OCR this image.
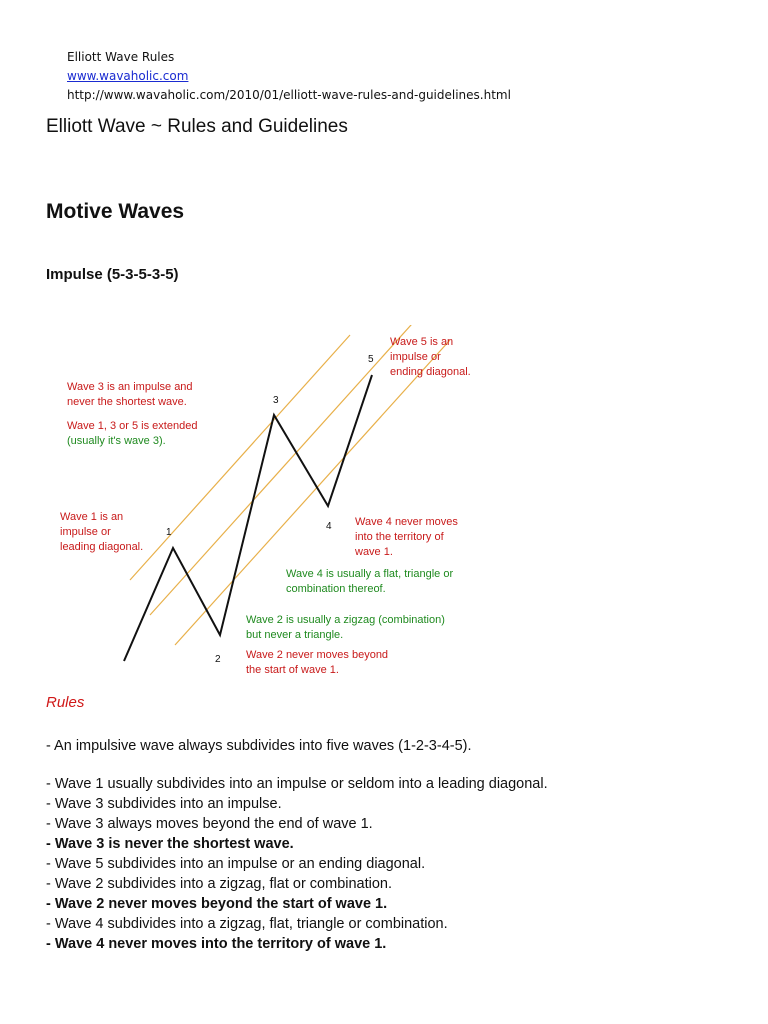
Elliott Wave Rules
www.wavaholic.com
http://www.wavaholic.com/2010/01/elliott-wave-rules-and-guidelines.html
Elliott Wave ~ Rules and Guidelines
Motive Waves
Impulse (5-3-5-3-5)
1
2
3
4
5
Wave 3 is an impulse and
never the shortest wave.
Wave 1, 3 or 5 is extended
(usually it's wave 3).
Wave 1 is an
impulse or
leading diagonal.
Wave 5 is an
impulse or
ending diagonal.
Wave 4 never moves
into the territory of
wave 1.
Wave 4 is usually a flat, triangle or
combination thereof.
Wave 2 is usually a zigzag (combination)
but never a triangle.
Wave 2 never moves beyond
the start of wave 1.
Rules
- An impulsive wave always subdivides into five waves (1-2-3-4-5).
- Wave 1 usually subdivides into an impulse or seldom into a leading diagonal.
- Wave 3 subdivides into an impulse.
- Wave 3 always moves beyond the end of wave 1.
- Wave 3 is never the shortest wave.
- Wave 5 subdivides into an impulse or an ending diagonal.
- Wave 2 subdivides into a zigzag, flat or combination.
- Wave 2 never moves beyond the start of wave 1.
- Wave 4 subdivides into a zigzag, flat, triangle or combination.
- Wave 4 never moves into the territory of wave 1.
